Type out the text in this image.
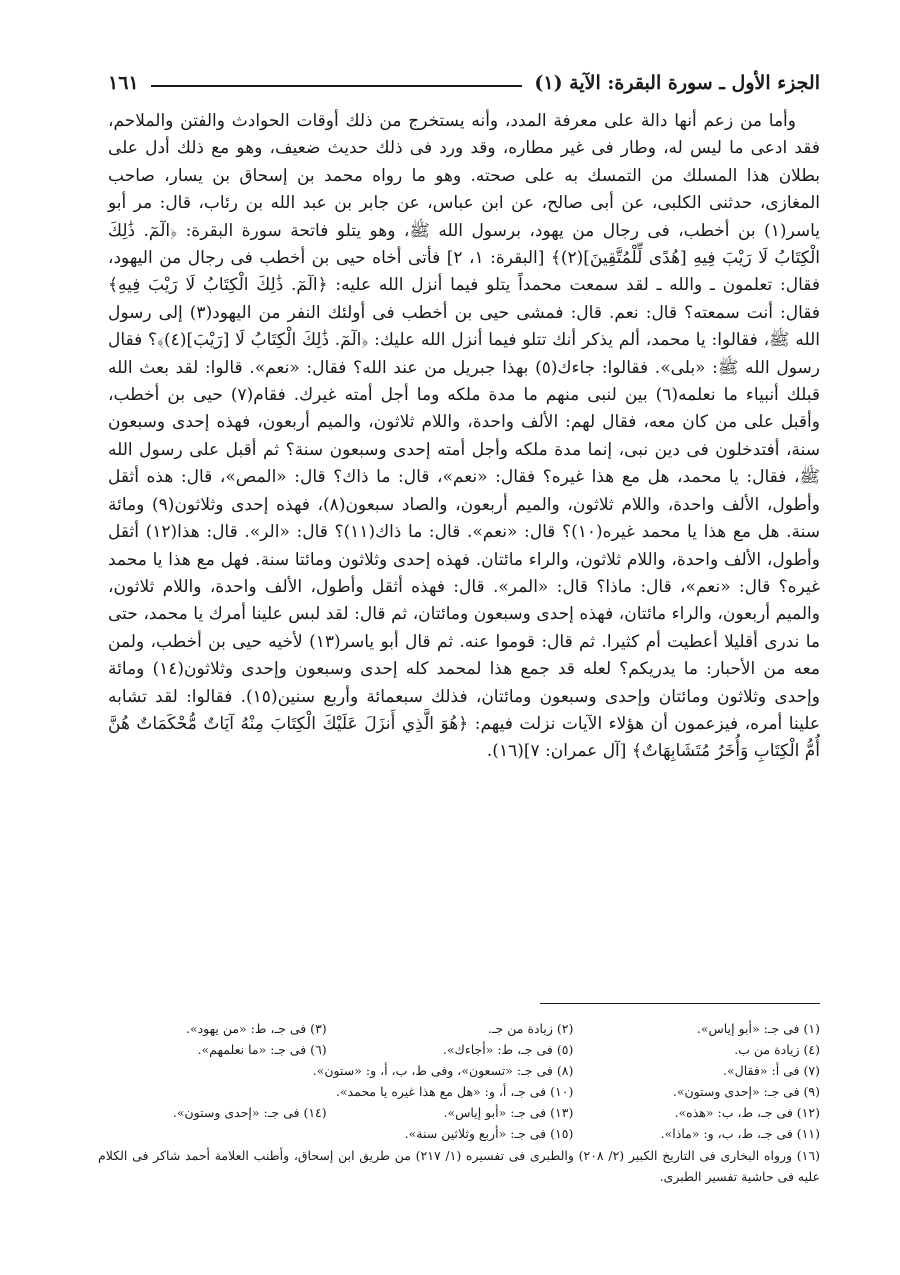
الجزء الأول ـ سورة البقرة: الآية (١)
١٦١

وأما من زعم أنها دالة على معرفة المدد، وأنه يستخرج من ذلك أوقات الحوادث والفتن والملاحم، فقد ادعى ما ليس له، وطار فى غير مطاره، وقد ورد فى ذلك حديث ضعيف، وهو مع ذلك أدل على بطلان هذا المسلك من التمسك به على صحته. وهو ما رواه محمد بن إسحاق بن يسار، صاحب المغازى، حدثنى الكلبى، عن أبى صالح، عن ابن عباس، عن جابر بن عبد الله بن رئاب، قال: مر أبو ياسر(١) بن أخطب، فى رجال من يهود، برسول الله ﷺ، وهو يتلو فاتحة سورة البقرة: ﴿الٓمٓ. ذَٰلِكَ الْكِتَابُ لَا رَيْبَ فِيهِ [هُدًى لِّلْمُتَّقِينَ](٢)﴾ [البقرة: ١، ٢] فأتى أخاه حيى بن أخطب فى رجال من اليهود، فقال: تعلمون ـ والله ـ لقد سمعت محمداً يتلو فيما أنزل الله عليه: ﴿الٓمٓ. ذَٰلِكَ الْكِتَابُ لَا رَيْبَ فِيهِ﴾ فقال: أنت سمعته؟ قال: نعم. قال: فمشى حيى بن أخطب فى أولئك النفر من اليهود(٣) إلى رسول الله ﷺ، فقالوا: يا محمد، ألم يذكر أنك تتلو فيما أنزل الله عليك: ﴿الٓمٓ. ذَٰلِكَ الْكِتَابُ لَا [رَيْبَ](٤)﴾؟ فقال رسول الله ﷺ: «بلى». فقالوا: جاءك(٥) بهذا جبريل من عند الله؟ فقال: «نعم». قالوا: لقد بعث الله قبلك أنبياء ما نعلمه(٦) بين لنبى منهم ما مدة ملكه وما أجل أمته غيرك. فقام(٧) حيى بن أخطب، وأقبل على من كان معه، فقال لهم: الألف واحدة، واللام ثلاثون، والميم أربعون، فهذه إحدى وسبعون سنة، أفتدخلون فى دين نبى، إنما مدة ملكه وأجل أمته إحدى وسبعون سنة؟ ثم أقبل على رسول الله ﷺ، فقال: يا محمد، هل مع هذا غيره؟ فقال: «نعم»، قال: ما ذاك؟ قال: «المص»، قال: هذه أثقل وأطول، الألف واحدة، واللام ثلاثون، والميم أربعون، والصاد سبعون(٨)، فهذه إحدى وثلاثون(٩) ومائة سنة. هل مع هذا يا محمد غيره(١٠)؟ قال: «نعم». قال: ما ذاك(١١)؟ قال: «الر». قال: هذا(١٢) أثقل وأطول، الألف واحدة، واللام ثلاثون، والراء مائتان. فهذه إحدى وثلاثون ومائتا سنة. فهل مع هذا يا محمد غيره؟ قال: «نعم»، قال: ماذا؟ قال: «المر». قال: فهذه أثقل وأطول، الألف واحدة، واللام ثلاثون، والميم أربعون، والراء مائتان، فهذه إحدى وسبعون ومائتان، ثم قال: لقد لبس علينا أمرك يا محمد، حتى ما ندرى أقليلا أعطيت أم كثيرا. ثم قال: قوموا عنه. ثم قال أبو ياسر(١٣) لأخيه حيى بن أخطب، ولمن معه من الأحبار: ما يدريكم؟ لعله قد جمع هذا لمحمد كله إحدى وسبعون وإحدى وثلاثون(١٤) ومائة وإحدى وثلاثون ومائتان وإحدى وسبعون ومائتان، فذلك سبعمائة وأربع سنين(١٥). فقالوا: لقد تشابه علينا أمره، فيزعمون أن هؤلاء الآيات نزلت فيهم: ﴿هُوَ الَّذِي أَنزَلَ عَلَيْكَ الْكِتَابَ مِنْهُ آيَاتٌ مُّحْكَمَاتٌ هُنَّ أُمُّ الْكِتَابِ وَأُخَرُ مُتَشَابِهَاتٌ﴾ [آل عمران: ٧](١٦).

(١) فى جـ: «أبو إياس».
(٢) زيادة من جـ.
(٣) فى جـ، ط: «من يهود».
(٤) زيادة من ب.
(٥) فى جـ، ط: «أجاءك».
(٦) فى جـ: «ما نعلمهم».
(٧) فى أ: «فقال».
(٨) فى جـ: «تسعون»، وفى ط، ب، أ، و: «ستون».
(٩) فى جـ: «إحدى وستون».
(١٠) فى جـ، أ، و: «هل مع هذا غيره يا محمد».
(١٢) فى جـ، ط، ب: «هذه».
(١٣) فى جـ: «أبو إياس».
(١٤) فى جـ: «إحدى وستون».
(١١) فى جـ، ط، ب، و: «ماذا».
(١٥) فى جـ: «أربع وثلاثين سنة».
(١٦) ورواه البخارى فى التاريخ الكبير (٢/ ٢٠٨) والطبرى فى تفسيره (١/ ٢١٧) من طريق ابن إسحاق، وأطنب العلامة أحمد شاكر فى الكلام عليه فى حاشية تفسير الطبرى.
